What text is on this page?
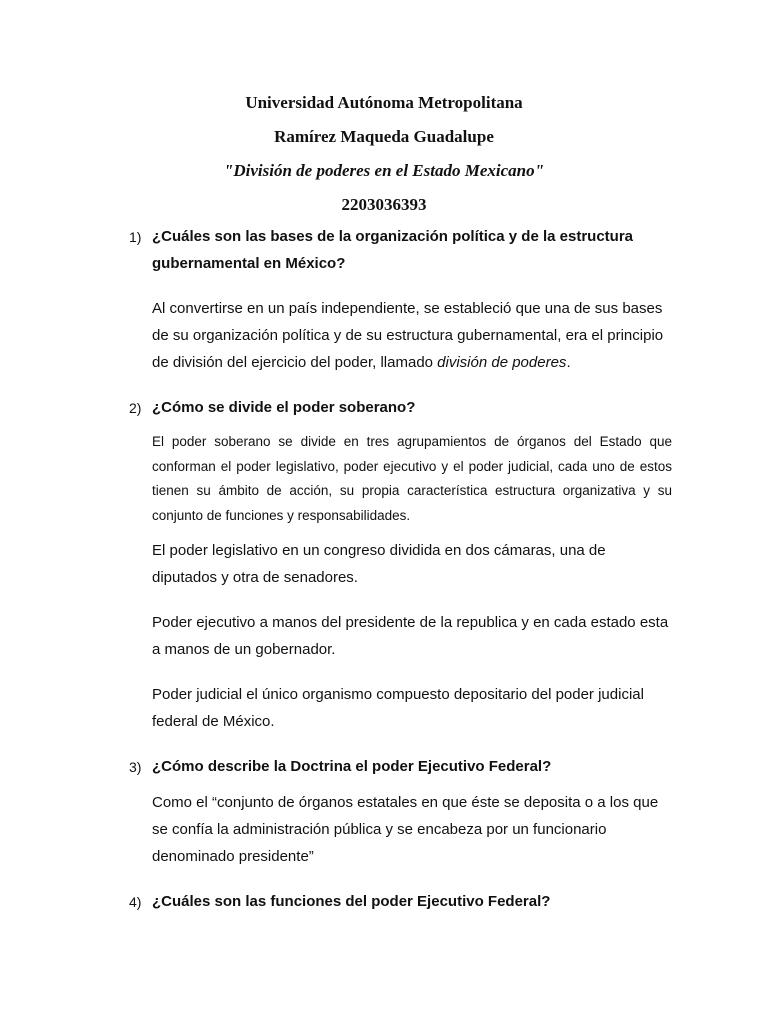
Universidad Autónoma Metropolitana
Ramírez Maqueda Guadalupe
"División de poderes en el Estado Mexicano"
2203036393
1) ¿Cuáles son las bases de la organización política y de la estructura gubernamental en México?
Al convertirse en un país independiente, se estableció que una de sus bases de su organización política y de su estructura gubernamental, era el principio de división del ejercicio del poder, llamado división de poderes.
2) ¿Cómo se divide el poder soberano?
El poder soberano se divide en tres agrupamientos de órganos del Estado que conforman el poder legislativo, poder ejecutivo y el poder judicial, cada uno de estos tienen su ámbito de acción, su propia característica estructura organizativa y su conjunto de funciones y responsabilidades.
El poder legislativo en un congreso dividida en dos cámaras, una de diputados y otra de senadores.
Poder ejecutivo a manos del presidente de la republica y en cada estado esta a manos de un gobernador.
Poder judicial el único organismo compuesto depositario del poder judicial federal de México.
3) ¿Cómo describe la Doctrina el poder Ejecutivo Federal?
Como el “conjunto de órganos estatales en que éste se deposita o a los que se confía la administración pública y se encabeza por un funcionario denominado presidente”
4) ¿Cuáles son las funciones del poder Ejecutivo Federal?
